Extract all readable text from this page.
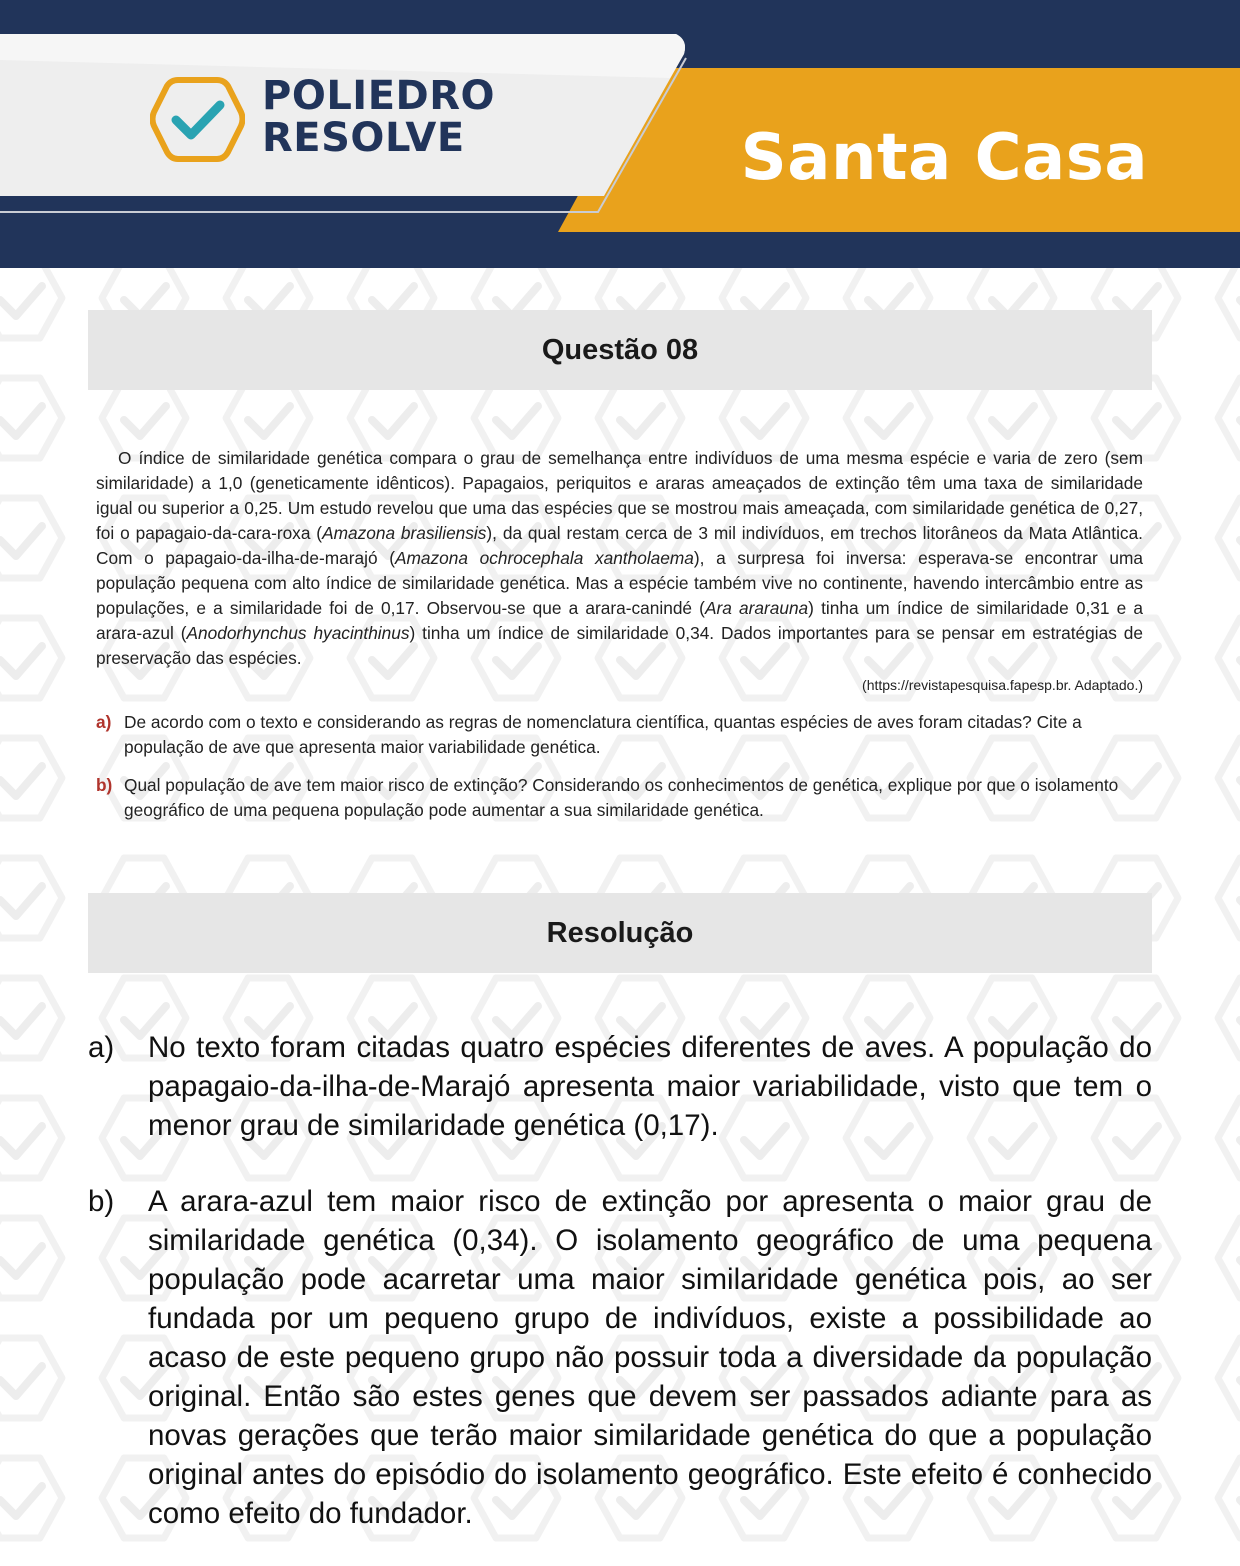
POLIEDRO
RESOLVE	Santa Casa
Questão 08

O índice de similaridade genética compara o grau de semelhança entre indivíduos de uma mesma espécie e varia de zero (sem similaridade) a 1,0 (geneticamente idênticos). Papagaios, periquitos e araras ameaçados de extinção têm uma taxa de similaridade igual ou superior a 0,25. Um estudo revelou que uma das espécies que se mostrou mais ameaçada, com similaridade genética de 0,27, foi o papagaio-da-cara-roxa (Amazona brasiliensis), da qual restam cerca de 3 mil indivíduos, em trechos litorâneos da Mata Atlântica. Com o papagaio-da-ilha-de-marajó (Amazona ochrocephala xantholaema), a surpresa foi inversa: esperava-se encontrar uma população pequena com alto índice de similaridade genética. Mas a espécie também vive no continente, havendo intercâmbio entre as populações, e a similaridade foi de 0,17. Observou-se que a arara-canindé (Ara ararauna) tinha um índice de similaridade 0,31 e a arara-azul (Anodorhynchus hyacinthinus) tinha um índice de similaridade 0,34. Dados importantes para se pensar em estratégias de preservação das espécies.

(https://revistapesquisa.fapesp.br. Adaptado.)
a) De acordo com o texto e considerando as regras de nomenclatura científica, quantas espécies de aves foram citadas? Cite a população de ave que apresenta maior variabilidade genética.
b) Qual população de ave tem maior risco de extinção? Considerando os conhecimentos de genética, explique por que o isolamento geográfico de uma pequena população pode aumentar a sua similaridade genética.
Resolução
a)	No texto foram citadas quatro espécies diferentes de aves. A população do papagaio-da-ilha-de-Marajó apresenta maior variabilidade, visto que tem o menor grau de similaridade genética (0,17).
b)	A arara-azul tem maior risco de extinção por apresenta o maior grau de similaridade genética (0,34). O isolamento geográfico de uma pequena população pode acarretar uma maior similaridade genética pois, ao ser fundada por um pequeno grupo de indivíduos, existe a possibilidade ao acaso de este pequeno grupo não possuir toda a diversidade da população original. Então são estes genes que devem ser passados adiante para as novas gerações que terão maior similaridade genética do que a população original antes do episódio do isolamento geográfico. Este efeito é conhecido como efeito do fundador.
